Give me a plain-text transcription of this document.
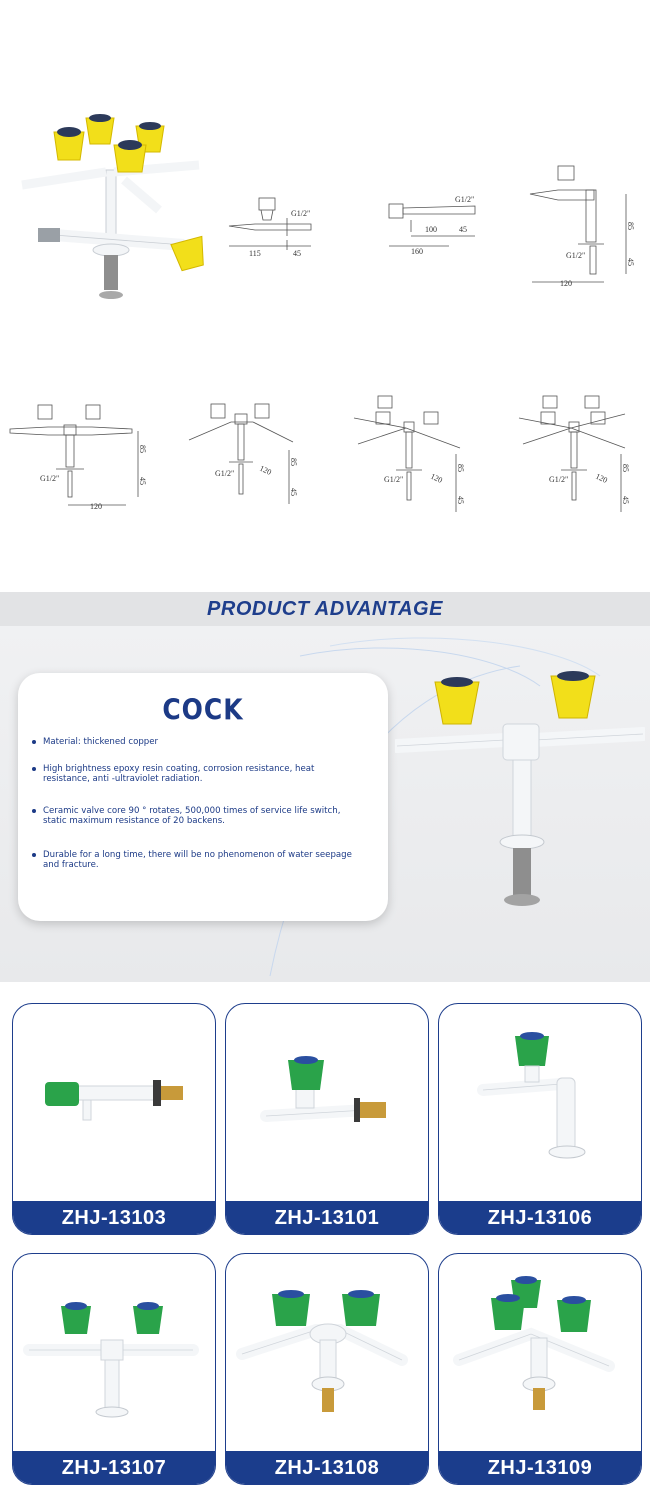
G1/2"
115	45
G1/2"
100	45
160
85
45
G1/2"
120
85
45
G1/2"
120
85
45
G1/2"	120	85
45
G1/2"	120
85
45
G1/2"	120
PRODUCT ADVANTAGE
COCK
Material: thickened copper
High brightness epoxy resin coating, corrosion resistance, heat resistance, anti -ultraviolet radiation.
Ceramic valve core 90 ° rotates, 500,000 times of service life switch, static maximum resistance of 20 backens.
Durable for a long time, there will be no phenomenon of water seepage and fracture.
ZHJ-13103	ZHJ-13101	ZHJ-13106
ZHJ-13107	ZHJ-13108	ZHJ-13109
